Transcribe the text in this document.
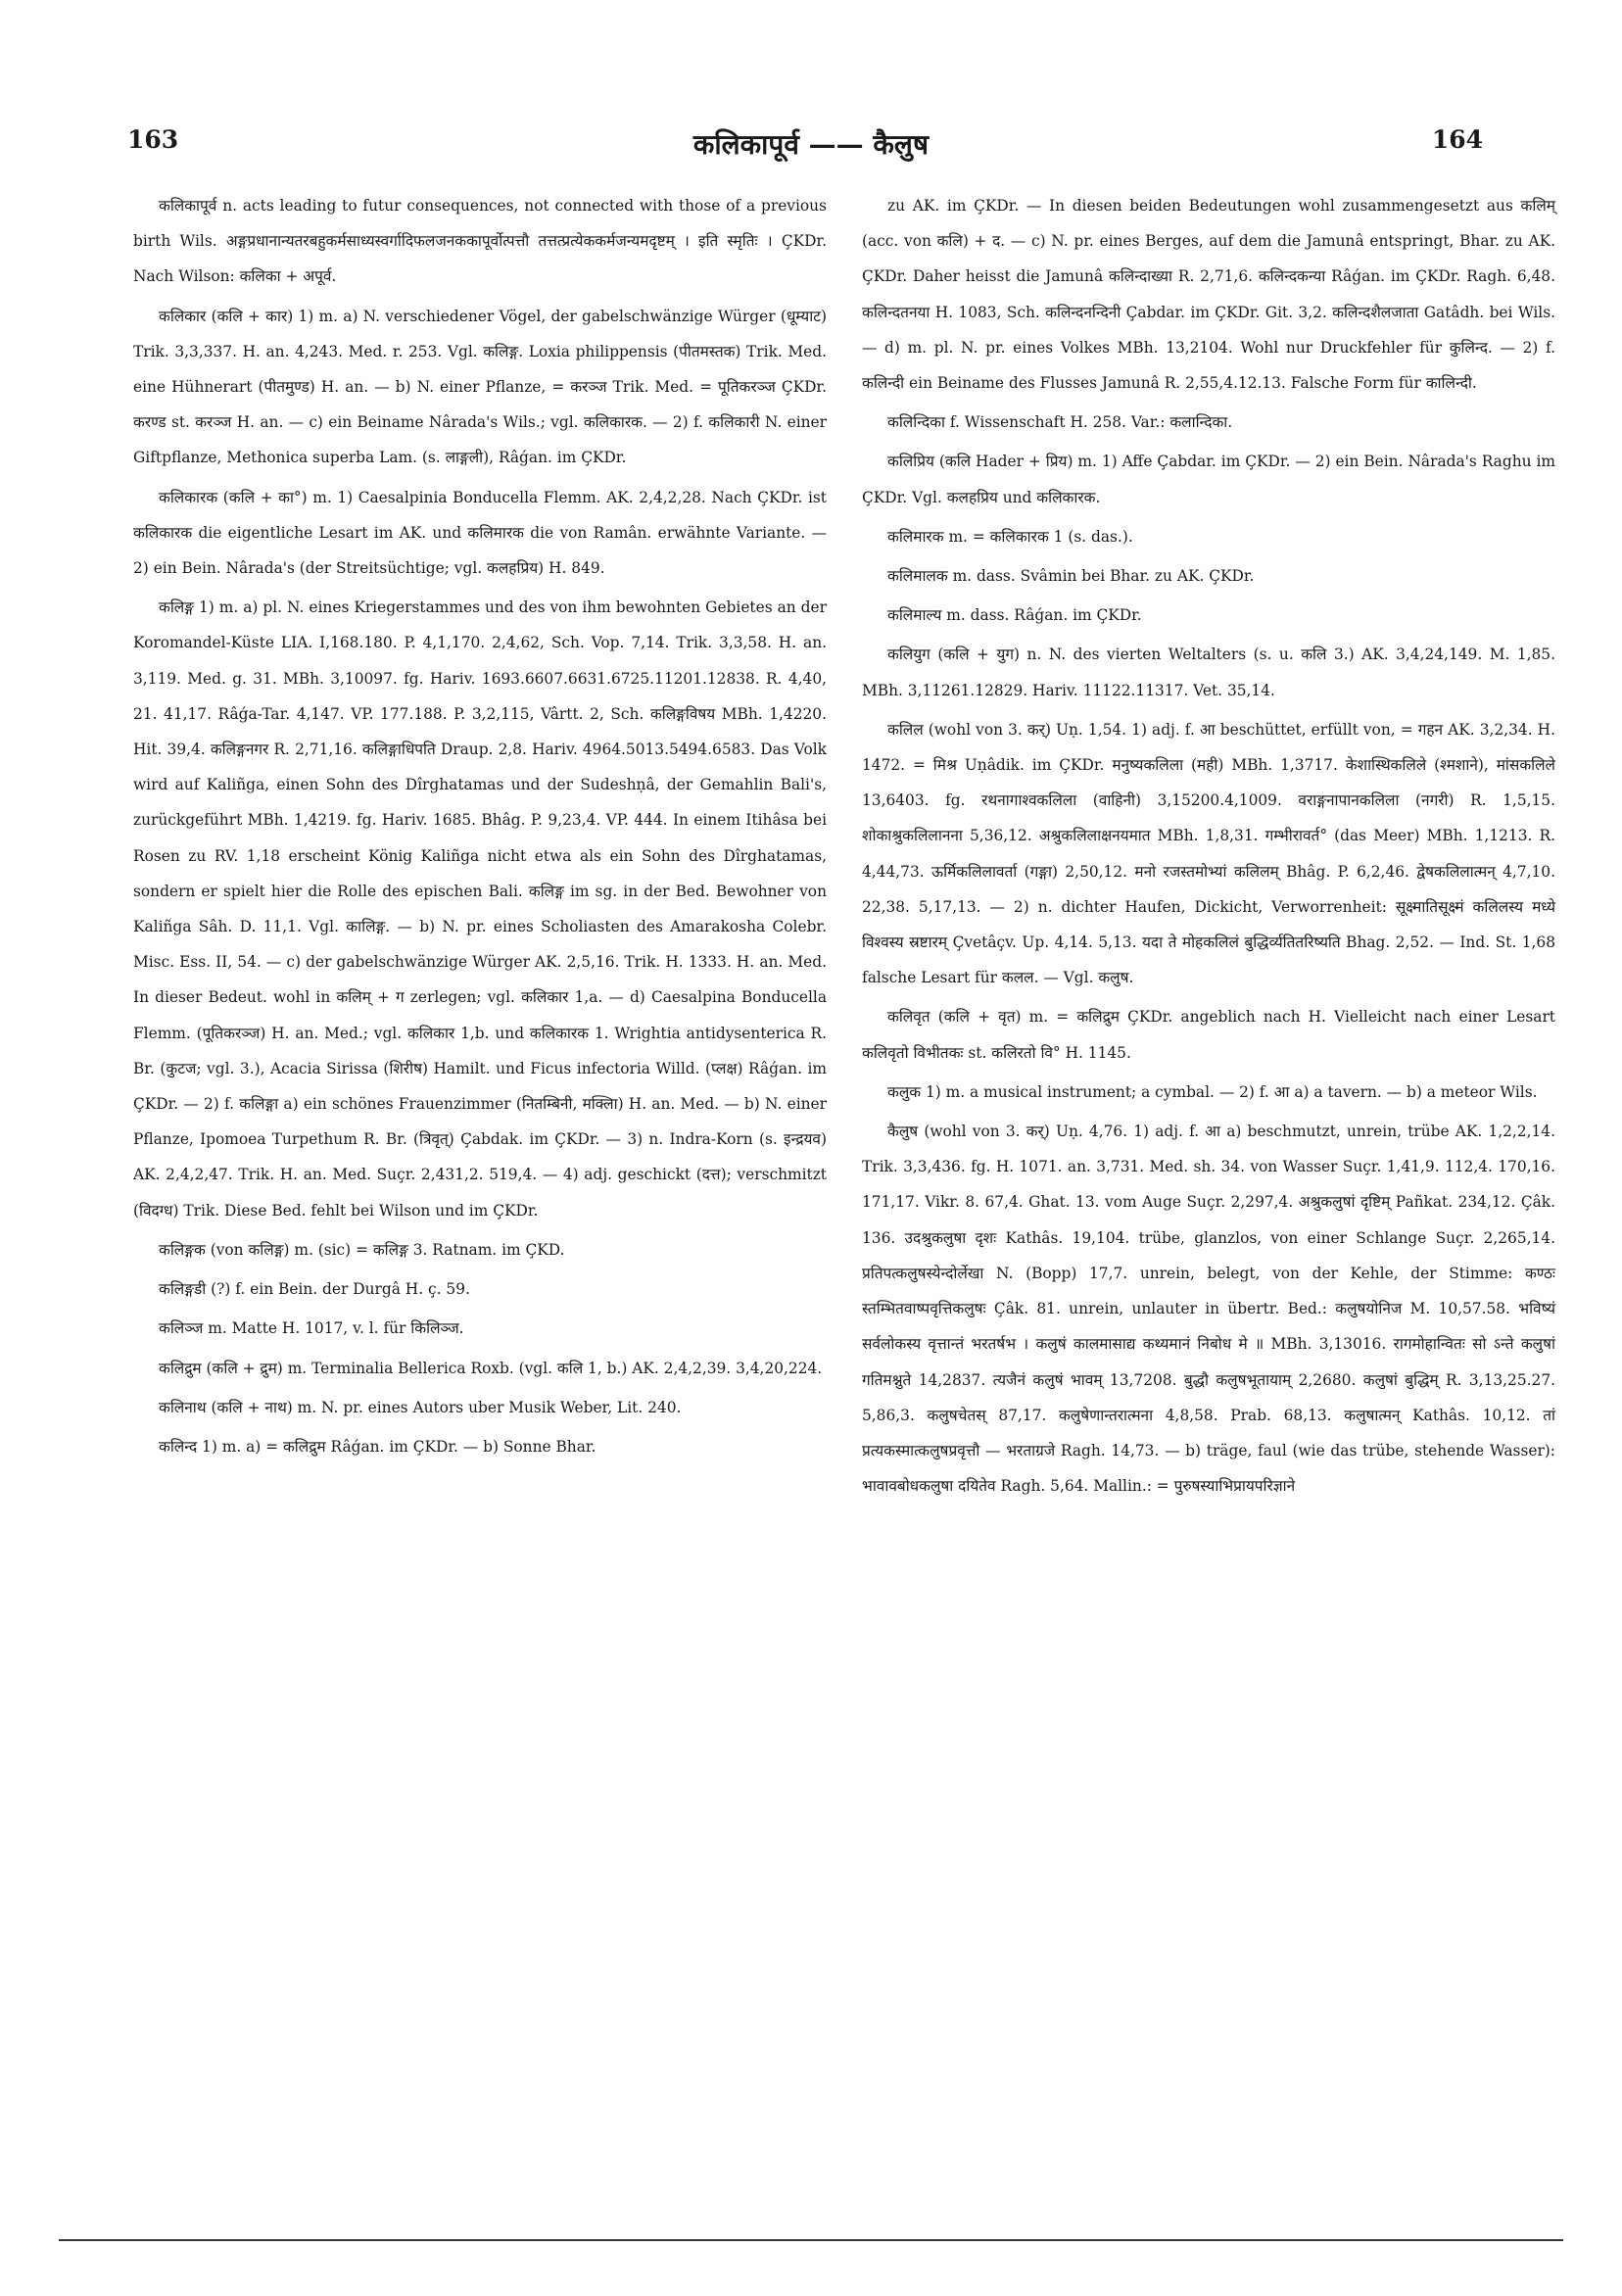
163	कलिकापूर्व —— कैलुष	164

कलिकापूर्व n. acts leading to futur consequences, not connected with those of a previous birth Wils. अङ्गप्रधानान्यतरबहुकर्मसाध्यस्वर्गादिफलजनककापूर्वोत्पत्तौ तत्तत्प्रत्येककर्मजन्यमदृष्टम् । इति स्मृतिः । ÇKDr. Nach Wilson: कलिका + अपूर्व.

कलिकार (कलि + कार) 1) m. a) N. verschiedener Vögel, der gabelschwänzige Würger (धूम्याट) Trik. 3,3,337. H. an. 4,243. Med. r. 253. Vgl. कलिङ्ग. Loxia philippensis (पीतमस्तक) Trik. Med. eine Hühnerart (पीतमुण्ड) H. an. — b) N. einer Pflanze, = करञ्ज Trik. Med. = पूतिकरञ्ज ÇKDr. करण्ड st. करञ्ज H. an. — c) ein Beiname Nârada's Wils.; vgl. कलिकारक. — 2) f. कलिकारी N. einer Giftpflanze, Methonica superba Lam. (s. लाङ्गली), Râǵan. im ÇKDr.

कलिकारक (कलि + का°) m. 1) Caesalpinia Bonducella Flemm. AK. 2,4,2,28. Nach ÇKDr. ist कलिकारक die eigentliche Lesart im AK. und कलिमारक die von Ramân. erwähnte Variante. — 2) ein Bein. Nârada's (der Streitsüchtige; vgl. कलहप्रिय) H. 849.

कलिङ्ग 1) m. a) pl. N. eines Kriegerstammes und des von ihm bewohnten Gebietes an der Koromandel-Küste LIA. I,168.180. P. 4,1,170. 2,4,62, Sch. Vop. 7,14. Trik. 3,3,58. H. an. 3,119. Med. g. 31. MBh. 3,10097. fg. Hariv. 1693.6607.6631.6725.11201.12838. R. 4,40, 21. 41,17. Râǵa-Tar. 4,147. VP. 177.188. P. 3,2,115, Vârtt. 2, Sch. कलिङ्गविषय MBh. 1,4220. Hit. 39,4. कलिङ्गनगर R. 2,71,16. कलिङ्गाधिपति Draup. 2,8. Hariv. 4964.5013.5494.6583. Das Volk wird auf Kaliñga, einen Sohn des Dîrghatamas und der Sudeshṇâ, der Gemahlin Bali's, zurückgeführt MBh. 1,4219. fg. Hariv. 1685. Bhâg. P. 9,23,4. VP. 444. In einem Itihâsa bei Rosen zu RV. 1,18 erscheint König Kaliñga nicht etwa als ein Sohn des Dîrghatamas, sondern er spielt hier die Rolle des epischen Bali. कलिङ्ग im sg. in der Bed. Bewohner von Kaliñga Sâh. D. 11,1. Vgl. कालिङ्ग. — b) N. pr. eines Scholiasten des Amarakosha Colebr. Misc. Ess. II, 54. — c) der gabelschwänzige Würger AK. 2,5,16. Trik. H. 1333. H. an. Med. In dieser Bedeut. wohl in कलिम् + ग zerlegen; vgl. कलिकार 1,a. — d) Caesalpina Bonducella Flemm. (पूतिकरञ्ज) H. an. Med.; vgl. कलिकार 1,b. und कलिकारक 1. Wrightia antidysenterica R. Br. (कुटज; vgl. 3.), Acacia Sirissa (शिरीष) Hamilt. und Ficus infectoria Willd. (प्लक्ष) Râǵan. im ÇKDr. — 2) f. कलिङ्गा a) ein schönes Frauenzimmer (नितम्बिनी, मक्लिा) H. an. Med. — b) N. einer Pflanze, Ipomoea Turpethum R. Br. (त्रिवृत्) Çabdak. im ÇKDr. — 3) n. Indra-Korn (s. इन्द्रयव) AK. 2,4,2,47. Trik. H. an. Med. Suçr. 2,431,2. 519,4. — 4) adj. geschickt (दत्त); verschmitzt (विदग्ध) Trik. Diese Bed. fehlt bei Wilson und im ÇKDr.

कलिङ्गक (von कलिङ्ग) m. (sic) = कलिङ्ग 3. Ratnam. im ÇKD.

कलिङ्गडी (?) f. ein Bein. der Durgâ H. ç. 59.

कलिञ्ज m. Matte H. 1017, v. l. für किलिञ्ज.

कलिद्रुम (कलि + द्रुम) m. Terminalia Bellerica Roxb. (vgl. कलि 1, b.) AK. 2,4,2,39. 3,4,20,224.

कलिनाथ (कलि + नाथ) m. N. pr. eines Autors uber Musik Weber, Lit. 240.

कलिन्द 1) m. a) = कलिद्रुम Râǵan. im ÇKDr. — b) Sonne Bhar.

zu AK. im ÇKDr. — In diesen beiden Bedeutungen wohl zusammengesetzt aus कलिम् (acc. von कलि) + द. — c) N. pr. eines Berges, auf dem die Jamunâ entspringt, Bhar. zu AK. ÇKDr. Daher heisst die Jamunâ कलिन्दाख्या R. 2,71,6. कलिन्दकन्या Râǵan. im ÇKDr. Ragh. 6,48. कलिन्दतनया H. 1083, Sch. कलिन्दनन्दिनी Çabdar. im ÇKDr. Git. 3,2. कलिन्दशैलजाता Gatâdh. bei Wils. — d) m. pl. N. pr. eines Volkes MBh. 13,2104. Wohl nur Druckfehler für कुलिन्द. — 2) f. कलिन्दी ein Beiname des Flusses Jamunâ R. 2,55,4.12.13. Falsche Form für कालिन्दी.

कलिन्दिका f. Wissenschaft H. 258. Var.: कलान्दिका.

कलिप्रिय (कलि Hader + प्रिय) m. 1) Affe Çabdar. im ÇKDr. — 2) ein Bein. Nârada's Raghu im ÇKDr. Vgl. कलहप्रिय und कलिकारक.

कलिमारक m. = कलिकारक 1 (s. das.).

कलिमालक m. dass. Svâmin bei Bhar. zu AK. ÇKDr.

कलिमाल्य m. dass. Râǵan. im ÇKDr.

कलियुग (कलि + युग) n. N. des vierten Weltalters (s. u. कलि 3.) AK. 3,4,24,149. M. 1,85. MBh. 3,11261.12829. Hariv. 11122.11317. Vet. 35,14.

कलिल (wohl von 3. कर्) Uṇ. 1,54. 1) adj. f. आ beschüttet, erfüllt von, = गहन AK. 3,2,34. H. 1472. = मिश्र Uṇâdik. im ÇKDr. मनुष्यकलिला (मही) MBh. 1,3717. केशास्थिकलिले (श्मशाने), मांसकलिले 13,6403. fg. रथनागाश्वकलिला (वाहिनी) 3,15200.4,1009. वराङ्गनापानकलिला (नगरी) R. 1,5,15. शोकाश्रुकलिलानना 5,36,12. अश्रुकलिलाक्षनयमात MBh. 1,8,31. गम्भीरावर्त° (das Meer) MBh. 1,1213. R. 4,44,73. ऊर्मिकलिलावर्ता (गङ्गा) 2,50,12. मनो रजस्तमोभ्यां कलिलम् Bhâg. P. 6,2,46. द्वेषकलिलात्मन् 4,7,10. 22,38. 5,17,13. — 2) n. dichter Haufen, Dickicht, Verworrenheit: सूक्ष्मातिसूक्ष्मं कलिलस्य मध्ये विश्वस्य स्रष्टारम् Çvetâçv. Up. 4,14. 5,13. यदा ते मोहकलिलं बुद्धिर्व्यतितरिष्यति Bhag. 2,52. — Ind. St. 1,68 falsche Lesart für कलल. — Vgl. कलुष.

कलिवृत (कलि + वृत) m. = कलिद्रुम ÇKDr. angeblich nach H. Vielleicht nach einer Lesart कलिवृतो विभीतकः st. कलिरतो वि° H. 1145.

कलुक 1) m. a musical instrument; a cymbal. — 2) f. आ a) a tavern. — b) a meteor Wils.

कैलुष (wohl von 3. कर्) Uṇ. 4,76. 1) adj. f. आ a) beschmutzt, unrein, trübe AK. 1,2,2,14. Trik. 3,3,436. fg. H. 1071. an. 3,731. Med. sh. 34. von Wasser Suçr. 1,41,9. 112,4. 170,16. 171,17. Vikr. 8. 67,4. Ghat. 13. vom Auge Suçr. 2,297,4. अश्रुकलुषां दृष्टिम् Pañkat. 234,12. Çâk. 136. उदश्रुकलुषा दृशः Kathâs. 19,104. trübe, glanzlos, von einer Schlange Suçr. 2,265,14. प्रतिपत्कलुषस्येन्दोर्लेखा N. (Bopp) 17,7. unrein, belegt, von der Kehle, der Stimme: कण्ठः स्तम्भितवाष्पवृत्तिकलुषः Çâk. 81. unrein, unlauter in übertr. Bed.: कलुषयोनिज M. 10,57.58. भविष्यं सर्वलोकस्य वृत्तान्तं भरतर्षभ । कलुषं कालमासाद्य कथ्यमानं निबोध मे ॥ MBh. 3,13016. रागमोहान्वितः सो ऽन्ते कलुषां गतिमश्नुते 14,2837. त्यजैनं कलुषं भावम् 13,7208. बुद्धौ कलुषभूतायाम् 2,2680. कलुषां बुद्धिम् R. 3,13,25.27. 5,86,3. कलुषचेतस् 87,17. कलुषेणान्तरात्मना 4,8,58. Prab. 68,13. कलुषात्मन् Kathâs. 10,12. तां प्रत्यकस्मात्कलुषप्रवृत्तौ — भरताग्रजे Ragh. 14,73. — b) träge, faul (wie das trübe, stehende Wasser): भावावबोधकलुषा दयितेव Ragh. 5,64. Mallin.: = पुरुषस्याभिप्रायपरिज्ञाने
